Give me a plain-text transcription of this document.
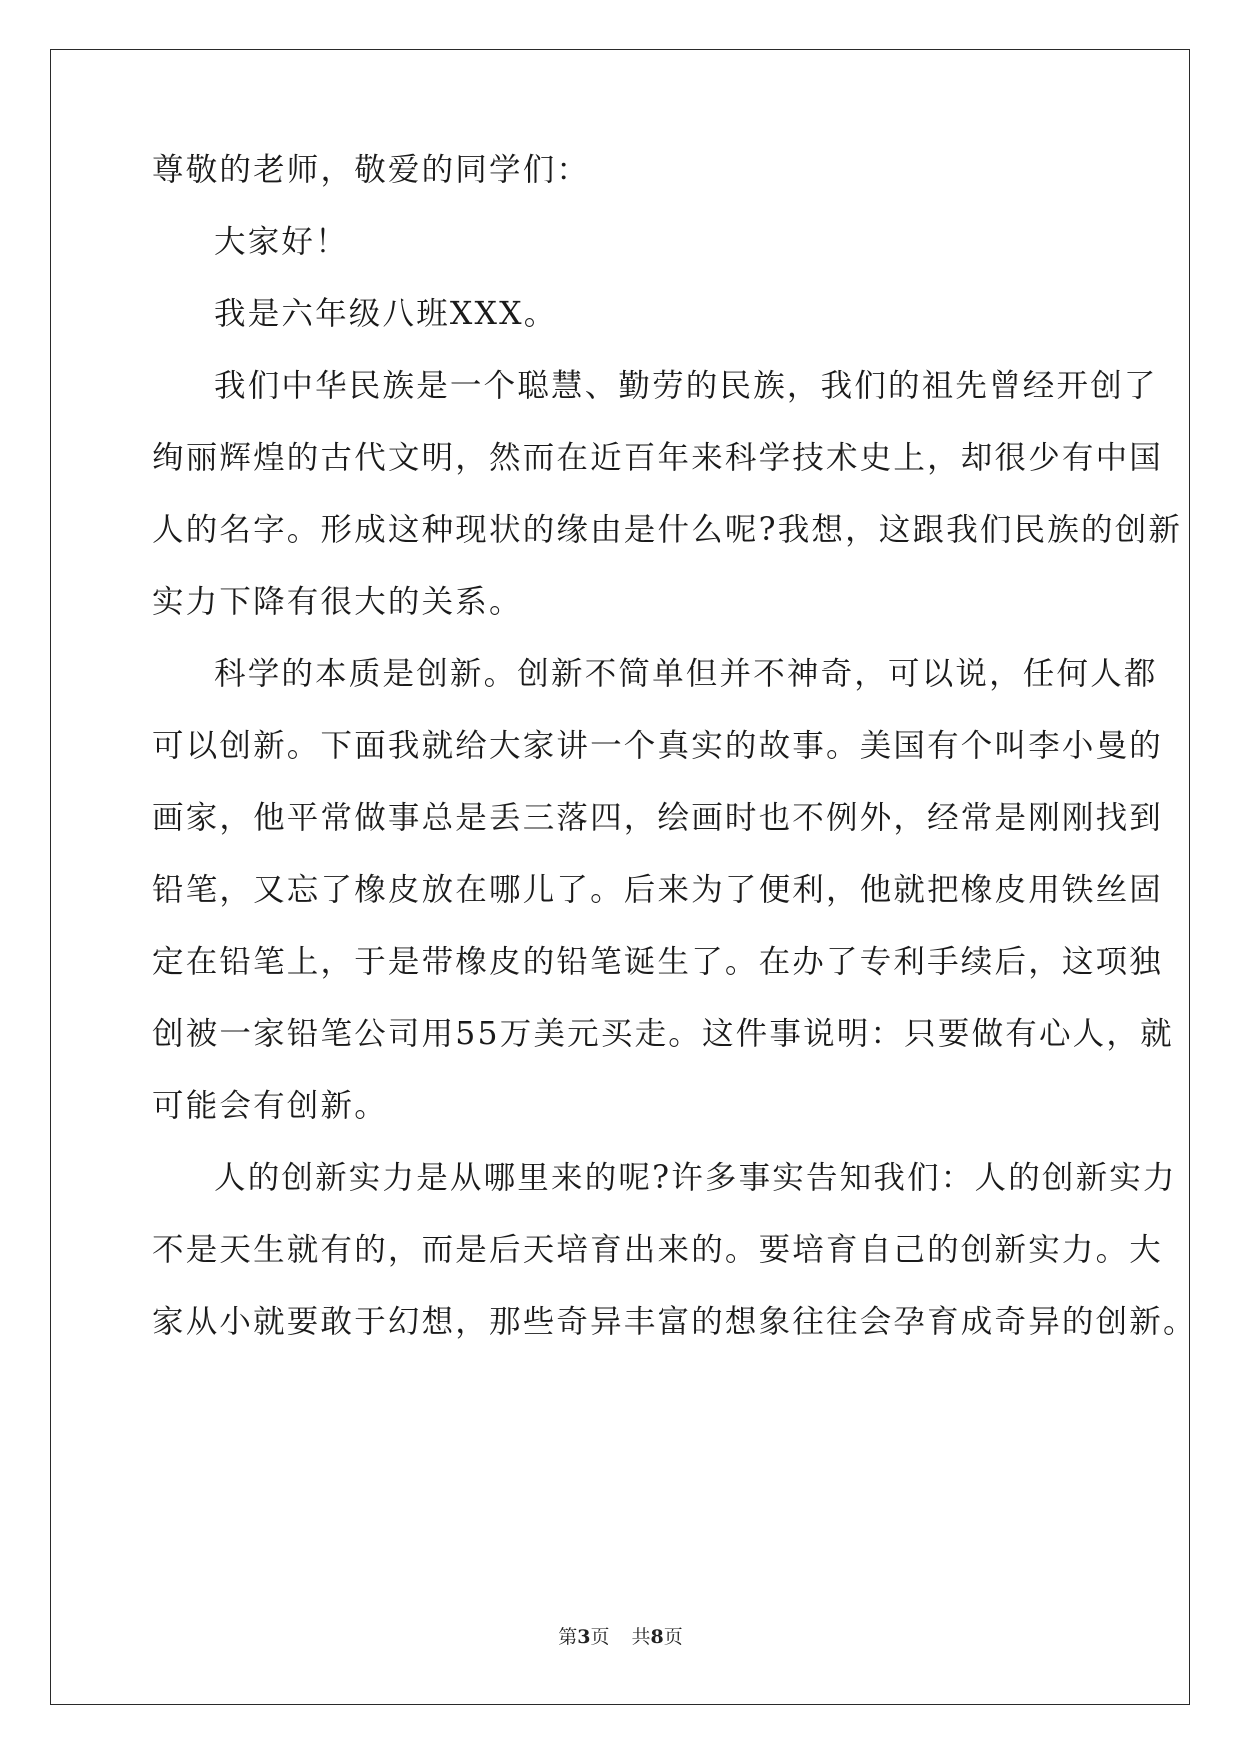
尊敬的老师，敬爱的同学们：
大家好！
我是六年级八班XXX。
我们中华民族是一个聪慧、勤劳的民族，我们的祖先曾经开创了
绚丽辉煌的古代文明，然而在近百年来科学技术史上，却很少有中国
人的名字。形成这种现状的缘由是什么呢?我想，这跟我们民族的创新
实力下降有很大的关系。
科学的本质是创新。创新不简单但并不神奇，可以说，任何人都
可以创新。下面我就给大家讲一个真实的故事。美国有个叫李小曼的
画家，他平常做事总是丢三落四，绘画时也不例外，经常是刚刚找到
铅笔，又忘了橡皮放在哪儿了。后来为了便利，他就把橡皮用铁丝固
定在铅笔上，于是带橡皮的铅笔诞生了。在办了专利手续后，这项独
创被一家铅笔公司用55万美元买走。这件事说明：只要做有心人，就
可能会有创新。
人的创新实力是从哪里来的呢?许多事实告知我们：人的创新实力
不是天生就有的，而是后天培育出来的。要培育自己的创新实力。大
家从小就要敢于幻想，那些奇异丰富的想象往往会孕育成奇异的创新。
第3页 共8页
